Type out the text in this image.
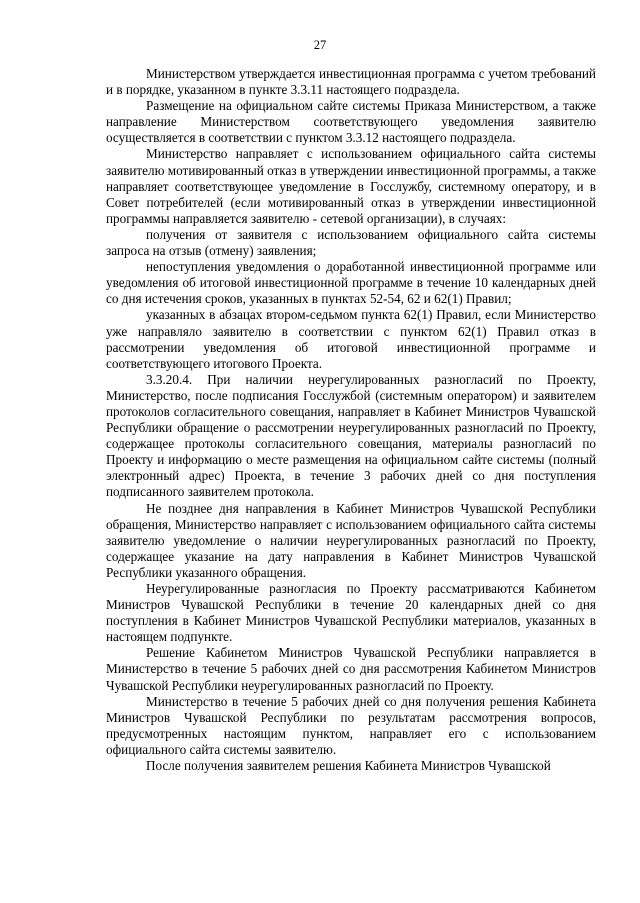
27

Министерством утверждается инвестиционная программа с учетом требований и в порядке, указанном в пункте 3.3.11 настоящего подраздела.

Размещение на официальном сайте системы Приказа Министерством, а также направление Министерством соответствующего уведомления заявителю осуществляется в соответствии с пунктом 3.3.12 настоящего подраздела.

Министерство направляет с использованием официального сайта системы заявителю мотивированный отказ в утверждении инвестиционной программы, а также направляет соответствующее уведомление в Госслужбу, системному оператору, и в Совет потребителей (если мотивированный отказ в утверждении инвестиционной программы направляется заявителю - сетевой организации), в случаях:

получения от заявителя с использованием официального сайта системы запроса на отзыв (отмену) заявления;

непоступления уведомления о доработанной инвестиционной программе или уведомления об итоговой инвестиционной программе в течение 10 календарных дней со дня истечения сроков, указанных в пунктах 52-54, 62 и 62(1) Правил;

указанных в абзацах втором-седьмом пункта 62(1) Правил, если Министерство уже направляло заявителю в соответствии с пунктом 62(1) Правил отказ в рассмотрении уведомления об итоговой инвестиционной программе и соответствующего итогового Проекта.

3.3.20.4. При наличии неурегулированных разногласий по Проекту, Министерство, после подписания Госслужбой (системным оператором) и заявителем протоколов согласительного совещания, направляет в Кабинет Министров Чувашской Республики обращение о рассмотрении неурегулированных разногласий по Проекту, содержащее протоколы согласительного совещания, материалы разногласий по Проекту и информацию о месте размещения на официальном сайте системы (полный электронный адрес) Проекта, в течение 3 рабочих дней со дня поступления подписанного заявителем протокола.

Не позднее дня направления в Кабинет Министров Чувашской Республики обращения, Министерство направляет с использованием официального сайта системы заявителю уведомление о наличии неурегулированных разногласий по Проекту, содержащее указание на дату направления в Кабинет Министров Чувашской Республики указанного обращения.

Неурегулированные разногласия по Проекту рассматриваются Кабинетом Министров Чувашской Республики в течение 20 календарных дней со дня поступления в Кабинет Министров Чувашской Республики материалов, указанных в настоящем подпункте.

Решение Кабинетом Министров Чувашской Республики направляется в Министерство в течение 5 рабочих дней со дня рассмотрения Кабинетом Министров Чувашской Республики неурегулированных разногласий по Проекту.

Министерство в течение 5 рабочих дней со дня получения решения Кабинета Министров Чувашской Республики по результатам рассмотрения вопросов, предусмотренных настоящим пунктом, направляет его с использованием официального сайта системы заявителю.

После получения заявителем решения Кабинета Министров Чувашской
